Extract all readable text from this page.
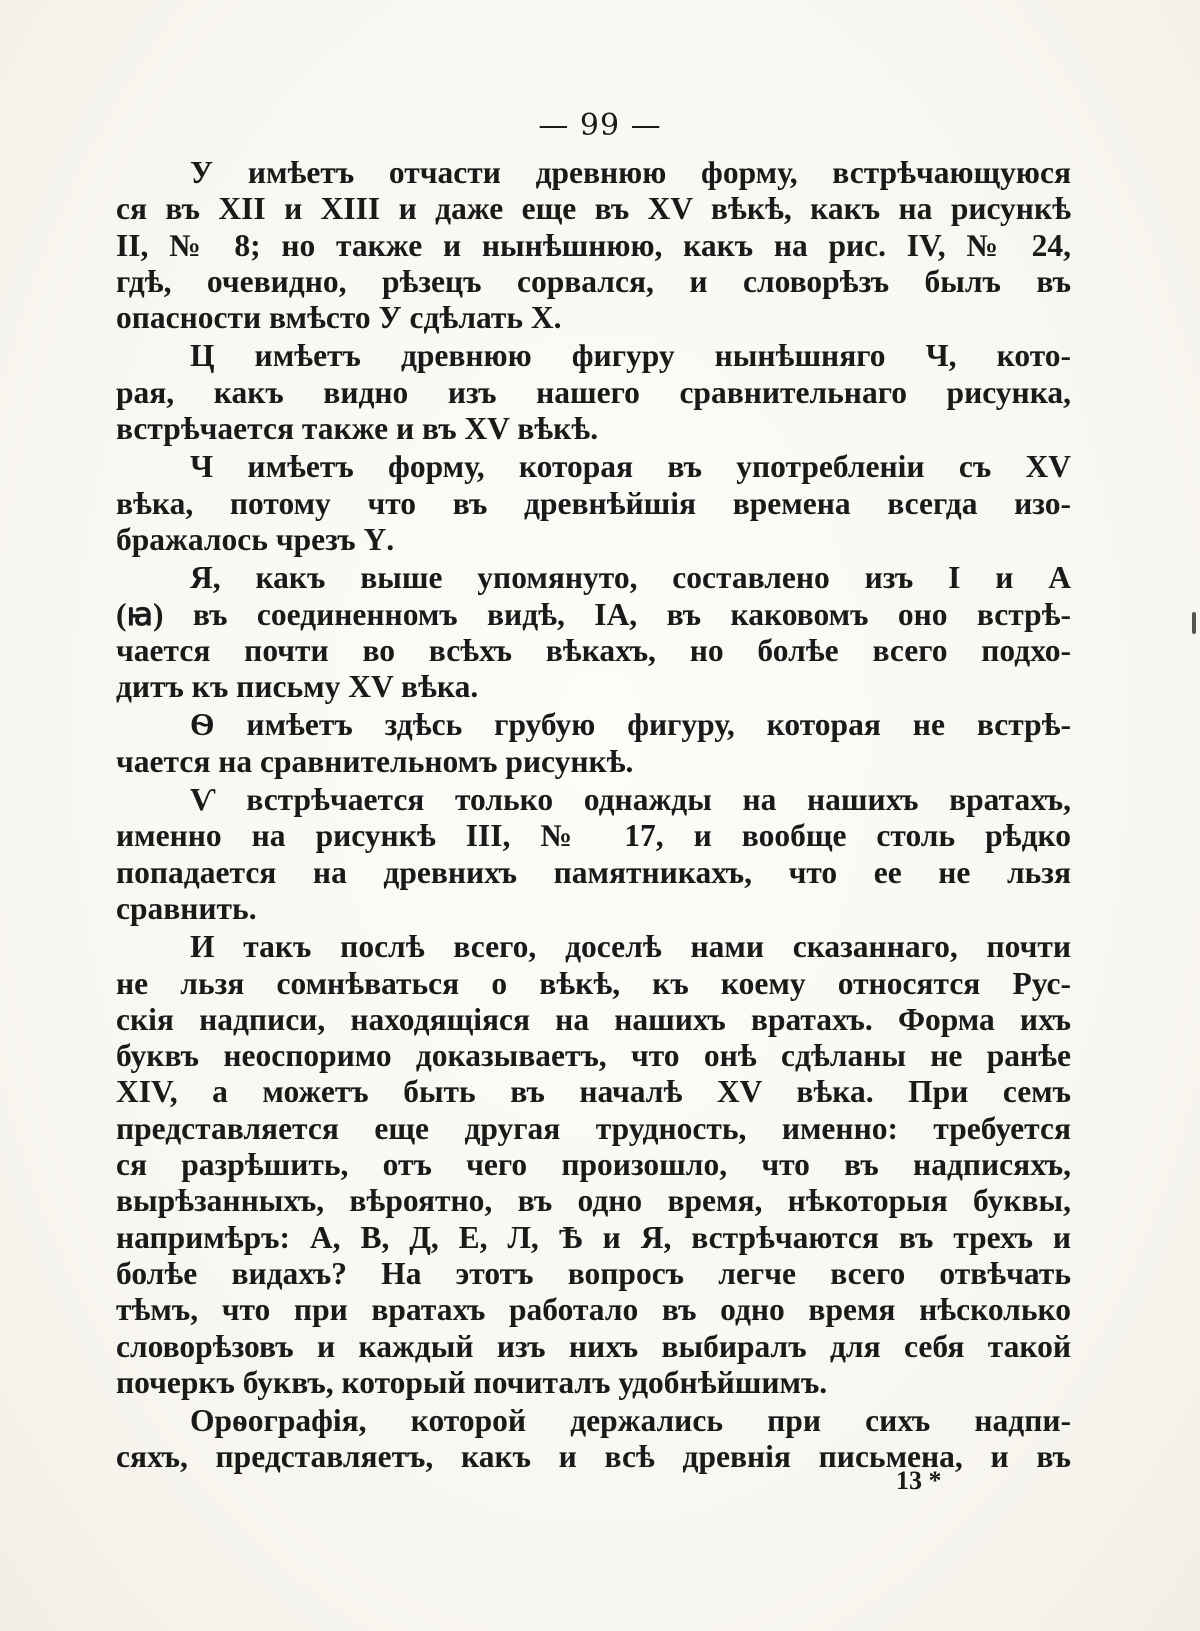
— 99 —
У имѣетъ отчасти древнюю форму, встрѣчающуюся
ся въ XII и XIII и даже еще въ XV вѣкѣ, какъ на рисункѣ
II, № 8; но также и нынѣшнюю, какъ на рис. IV, № 24,
гдѣ, очевидно, рѣзецъ сорвался, и словорѣзъ былъ въ
опасности вмѣсто У сдѣлать Х.
Ц имѣетъ древнюю фигуру нынѣшняго Ч, кото-
рая, какъ видно изъ нашего сравнительнаго рисунка,
встрѣчается также и въ XV вѣкѣ.
Ч имѣетъ форму, которая въ употребленіи съ XV
вѣка, потому что въ древнѣйшія времена всегда изо-
бражалось чрезъ Ү.
Я, какъ выше упомянуто, составлено изъ I и А
(ꙗ) въ соединенномъ видѣ, IA, въ каковомъ оно встрѣ-
чается почти во всѣхъ вѣкахъ, но болѣе всего подхо-
дитъ къ письму XV вѣка.
Ѳ имѣетъ здѣсь грубую фигуру, которая не встрѣ-
чается на сравнительномъ рисункѣ.
Ѵ встрѣчается только однажды на нашихъ вратахъ,
именно на рисункѣ III, № 17, и вообще столь рѣдко
попадается на древнихъ памятникахъ, что ее не льзя
сравнить.
И такъ послѣ всего, доселѣ нами сказаннаго, почти
не льзя сомнѣваться о вѣкѣ, къ коему относятся Рус-
скія надписи, находящіяся на нашихъ вратахъ. Форма ихъ
буквъ неоспоримо доказываетъ, что онѣ сдѣланы не ранѣе
XIV, а можетъ быть въ началѣ XV вѣка. При семъ
представляется еще другая трудность, именно: требуется
ся разрѣшить, отъ чего произошло, что въ надписяхъ,
вырѣзанныхъ, вѣроятно, въ одно время, нѣкоторыя буквы,
напримѣръ: А, В, Д, Е, Л, Ѣ и Я, встрѣчаются въ трехъ и
болѣе видахъ? На этотъ вопросъ легче всего отвѣчать
тѣмъ, что при вратахъ работало въ одно время нѣсколько
словорѣзовъ и каждый изъ нихъ выбиралъ для себя такой
почеркъ буквъ, который почиталъ удобнѣйшимъ.
Орѳографія, которой держались при сихъ надпи-
сяхъ, представляетъ, какъ и всѣ древнія письмена, и въ
13 *
